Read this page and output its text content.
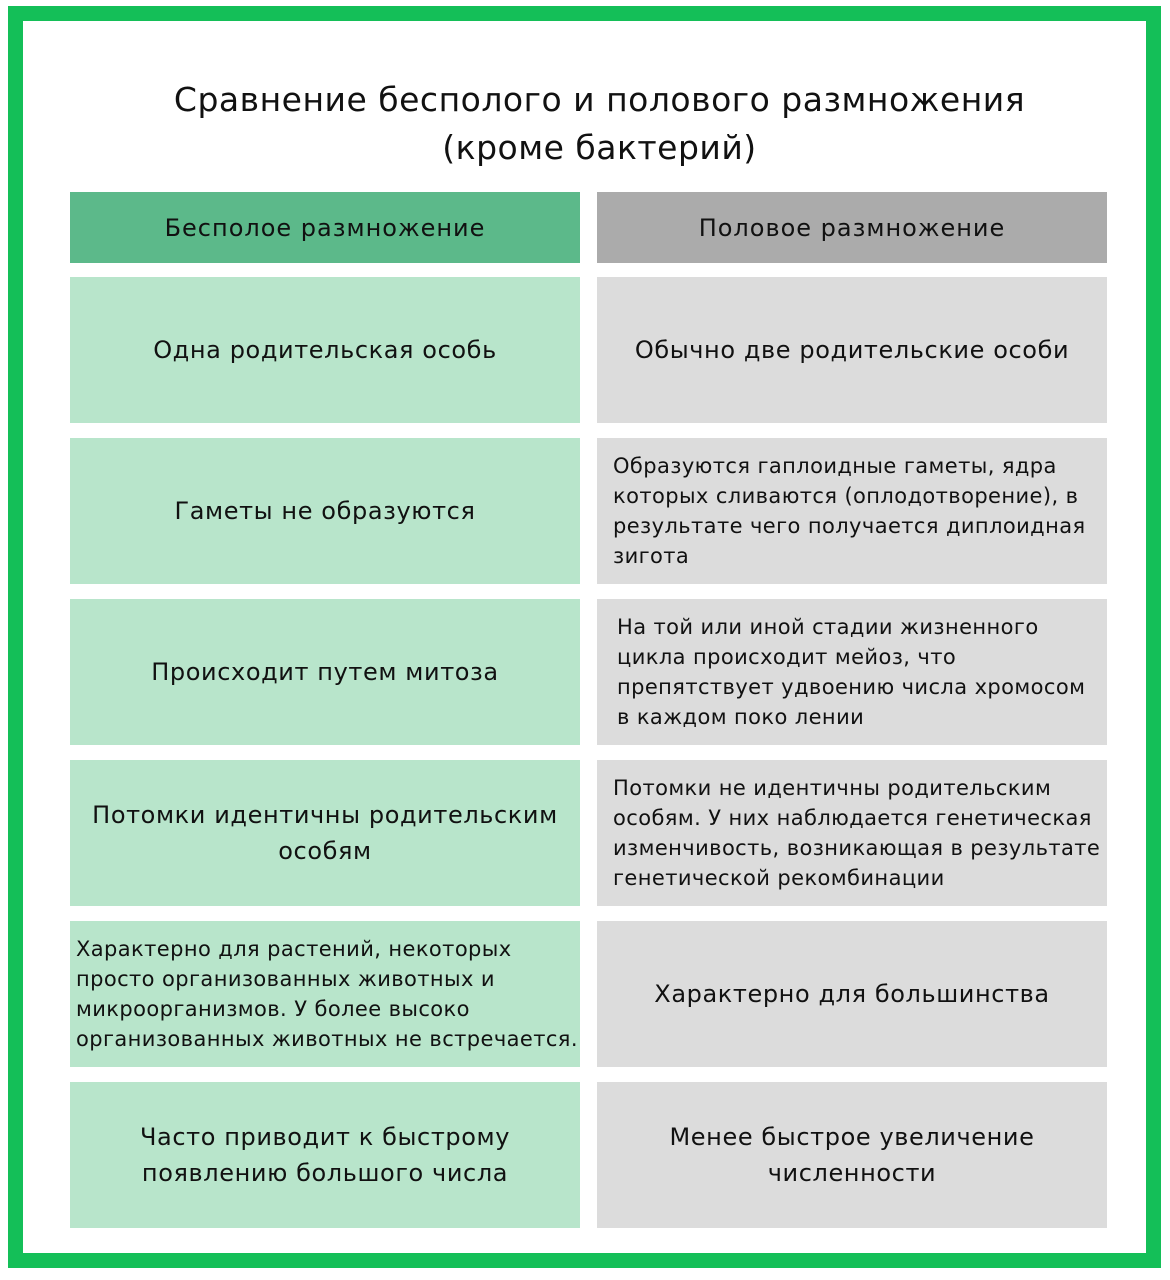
Сравнение бесполого и полового размножения
(кроме бактерий)
Бесполое размножение	Половое размножение
Одна родительская особь	Обычно две родительские особи
Гаметы не образуются
Образуются гаплоидные гаметы, ядра которых сливаются (оплодотворение), в результате чего получается диплоидная зигота
Происходит путем митоза
На той или иной стадии жизненного цикла происходит мейоз, что препятствует удвоению числа хромосом в каждом поко лении
Потомки идентичны родительским особям
Потомки не идентичны родительским особям. У них наблюдается генетическая изменчивость, возникающая в результате генетической рекомбинации
Характерно для растений, некоторых просто организованных животных и микроорганизмов. У более высоко организованных животных не встречается.
Характерно для большинства
Часто приводит к быстрому появлению большого числа
Менее быстрое увеличение численности
